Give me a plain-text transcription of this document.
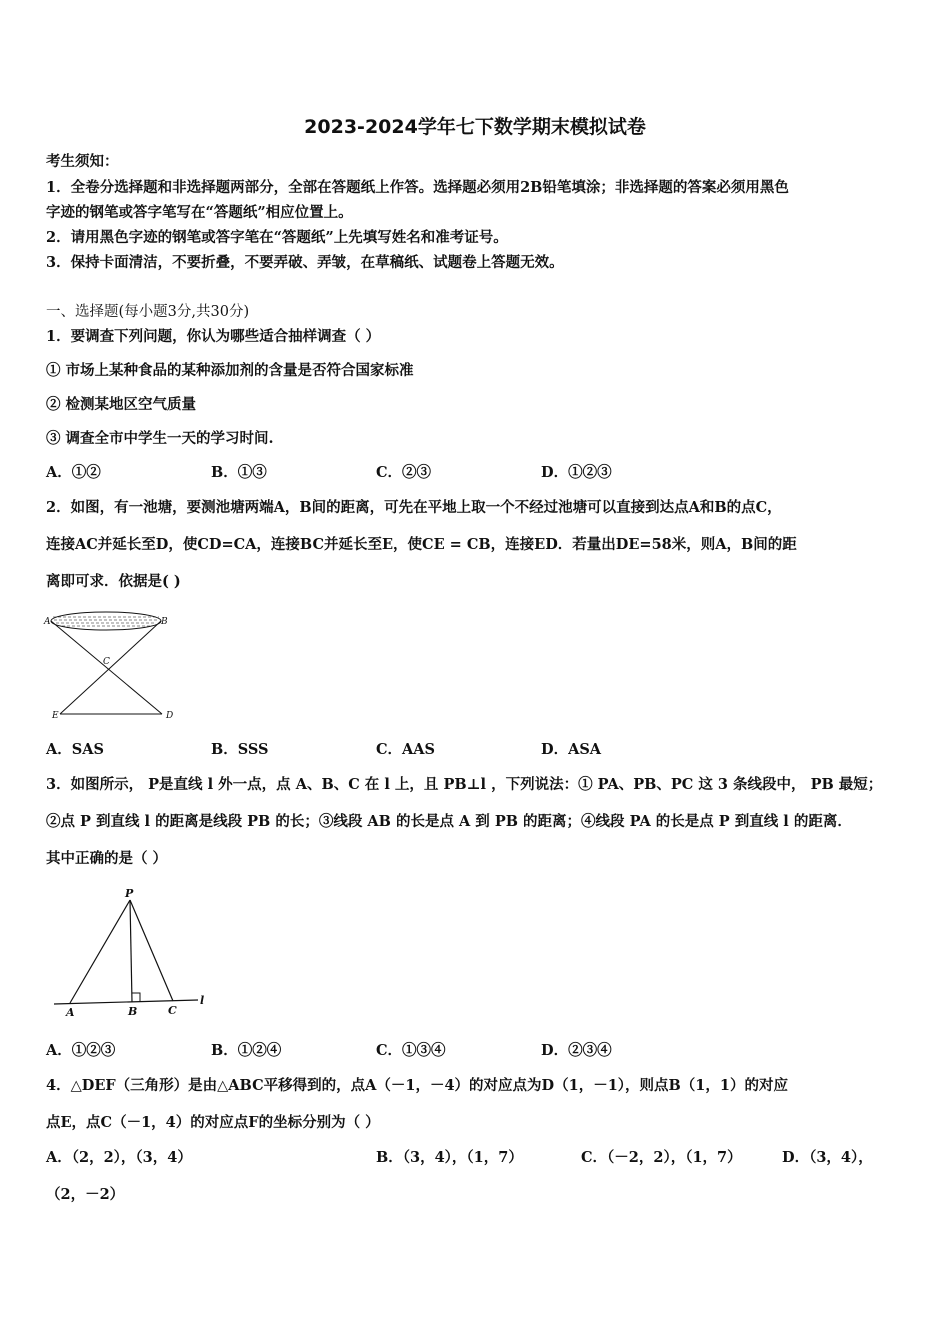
2023-2024学年七下数学期末模拟试卷
考生须知：
1．全卷分选择题和非选择题两部分，全部在答题纸上作答。选择题必须用2B铅笔填涂；非选择题的答案必须用黑色
字迹的钢笔或答字笔写在“答题纸”相应位置上。
2．请用黑色字迹的钢笔或答字笔在“答题纸”上先填写姓名和准考证号。
3．保持卡面清洁，不要折叠，不要弄破、弄皱，在草稿纸、试题卷上答题无效。
一、选择题(每小题3分,共30分)
1．要调查下列问题，你认为哪些适合抽样调查（ ）
① 市场上某种食品的某种添加剂的含量是否符合国家标准
② 检测某地区空气质量
③ 调查全市中学生一天的学习时间.
A．①②	B．①③	C．②③	D．①②③
2．如图，有一池塘，要测池塘两端A，B间的距离，可先在平地上取一个不经过池塘可以直接到达点A和B的点C，
连接AC并延长至D，使CD=CA，连接BC并延长至E，使CE = CB，连接ED．若量出DE=58米，则A，B间的距
离即可求．依据是( )
A	B
C
E	D
A．SAS	B．SSS	C．AAS	D．ASA
3．如图所示， P是直线 l 外一点，点 A、B、C 在 l 上，且 PB⊥l ，下列说法：① PA、PB、PC 这 3 条线段中， PB 最短；
②点 P 到直线 l 的距离是线段 PB 的长；③线段 AB 的长是点 A 到 PB 的距离；④线段 PA 的长是点 P 到直线 l 的距离．
其中正确的是（ ）
P
A	B	C
l
A．①②③	B．①②④	C．①③④	D．②③④
4．△DEF（三角形）是由△ABC平移得到的，点A（－1，－4）的对应点为D（1，－1），则点B（1，1）的对应
点E，点C（－1，4）的对应点F的坐标分别为（ ）
A．（2，2），（3，4）	B．（3，4），（1，7）	C．（－2，2），（1，7）	D．（3，4），
（2，－2）
